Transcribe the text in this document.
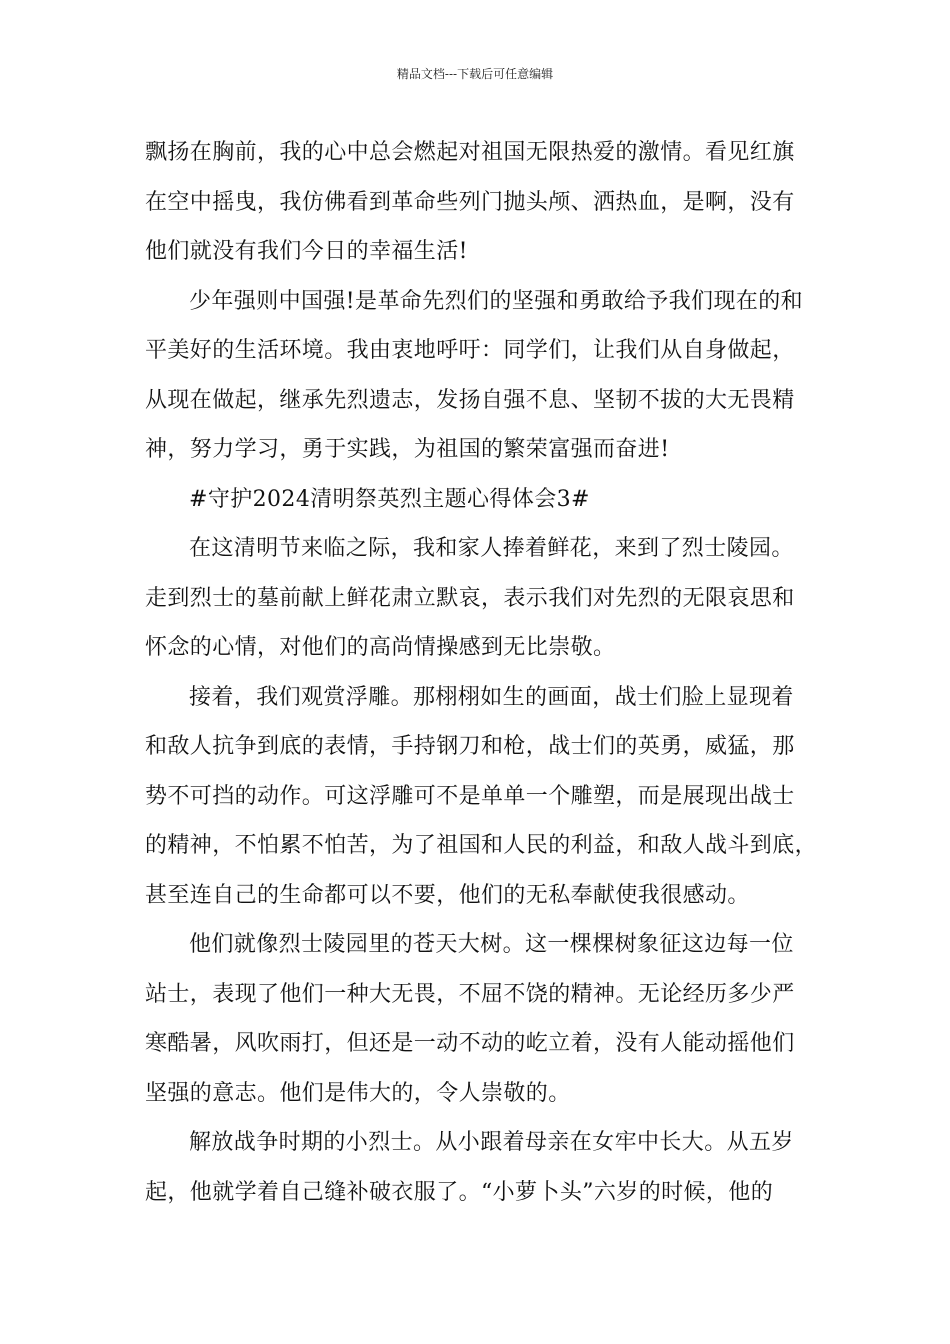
精品文档---下载后可任意编辑
飘扬在胸前，我的心中总会燃起对祖国无限热爱的激情。看见红旗
在空中摇曳，我仿佛看到革命些列门抛头颅、洒热血，是啊，没有
他们就没有我们今日的幸福生活!
少年强则中国强!是革命先烈们的坚强和勇敢给予我们现在的和
平美好的生活环境。我由衷地呼吁：同学们，让我们从自身做起，
从现在做起，继承先烈遗志，发扬自强不息、坚韧不拔的大无畏精
神，努力学习，勇于实践，为祖国的繁荣富强而奋进!
#守护2024清明祭英烈主题心得体会3#
在这清明节来临之际，我和家人捧着鲜花，来到了烈士陵园。
走到烈士的墓前献上鲜花肃立默哀，表示我们对先烈的无限哀思和
怀念的心情，对他们的高尚情操感到无比崇敬。
接着，我们观赏浮雕。那栩栩如生的画面，战士们脸上显现着
和敌人抗争到底的表情，手持钢刀和枪，战士们的英勇，威猛，那
势不可挡的动作。可这浮雕可不是单单一个雕塑，而是展现出战士
的精神，不怕累不怕苦，为了祖国和人民的利益，和敌人战斗到底，
甚至连自己的生命都可以不要，他们的无私奉献使我很感动。
他们就像烈士陵园里的苍天大树。这一棵棵树象征这边每一位
站士，表现了他们一种大无畏，不屈不饶的精神。无论经历多少严
寒酷暑，风吹雨打，但还是一动不动的屹立着，没有人能动摇他们
坚强的意志。他们是伟大的，令人崇敬的。
解放战争时期的小烈士。从小跟着母亲在女牢中长大。从五岁
起，他就学着自己缝补破衣服了。“小萝卜头”六岁的时候，他的
